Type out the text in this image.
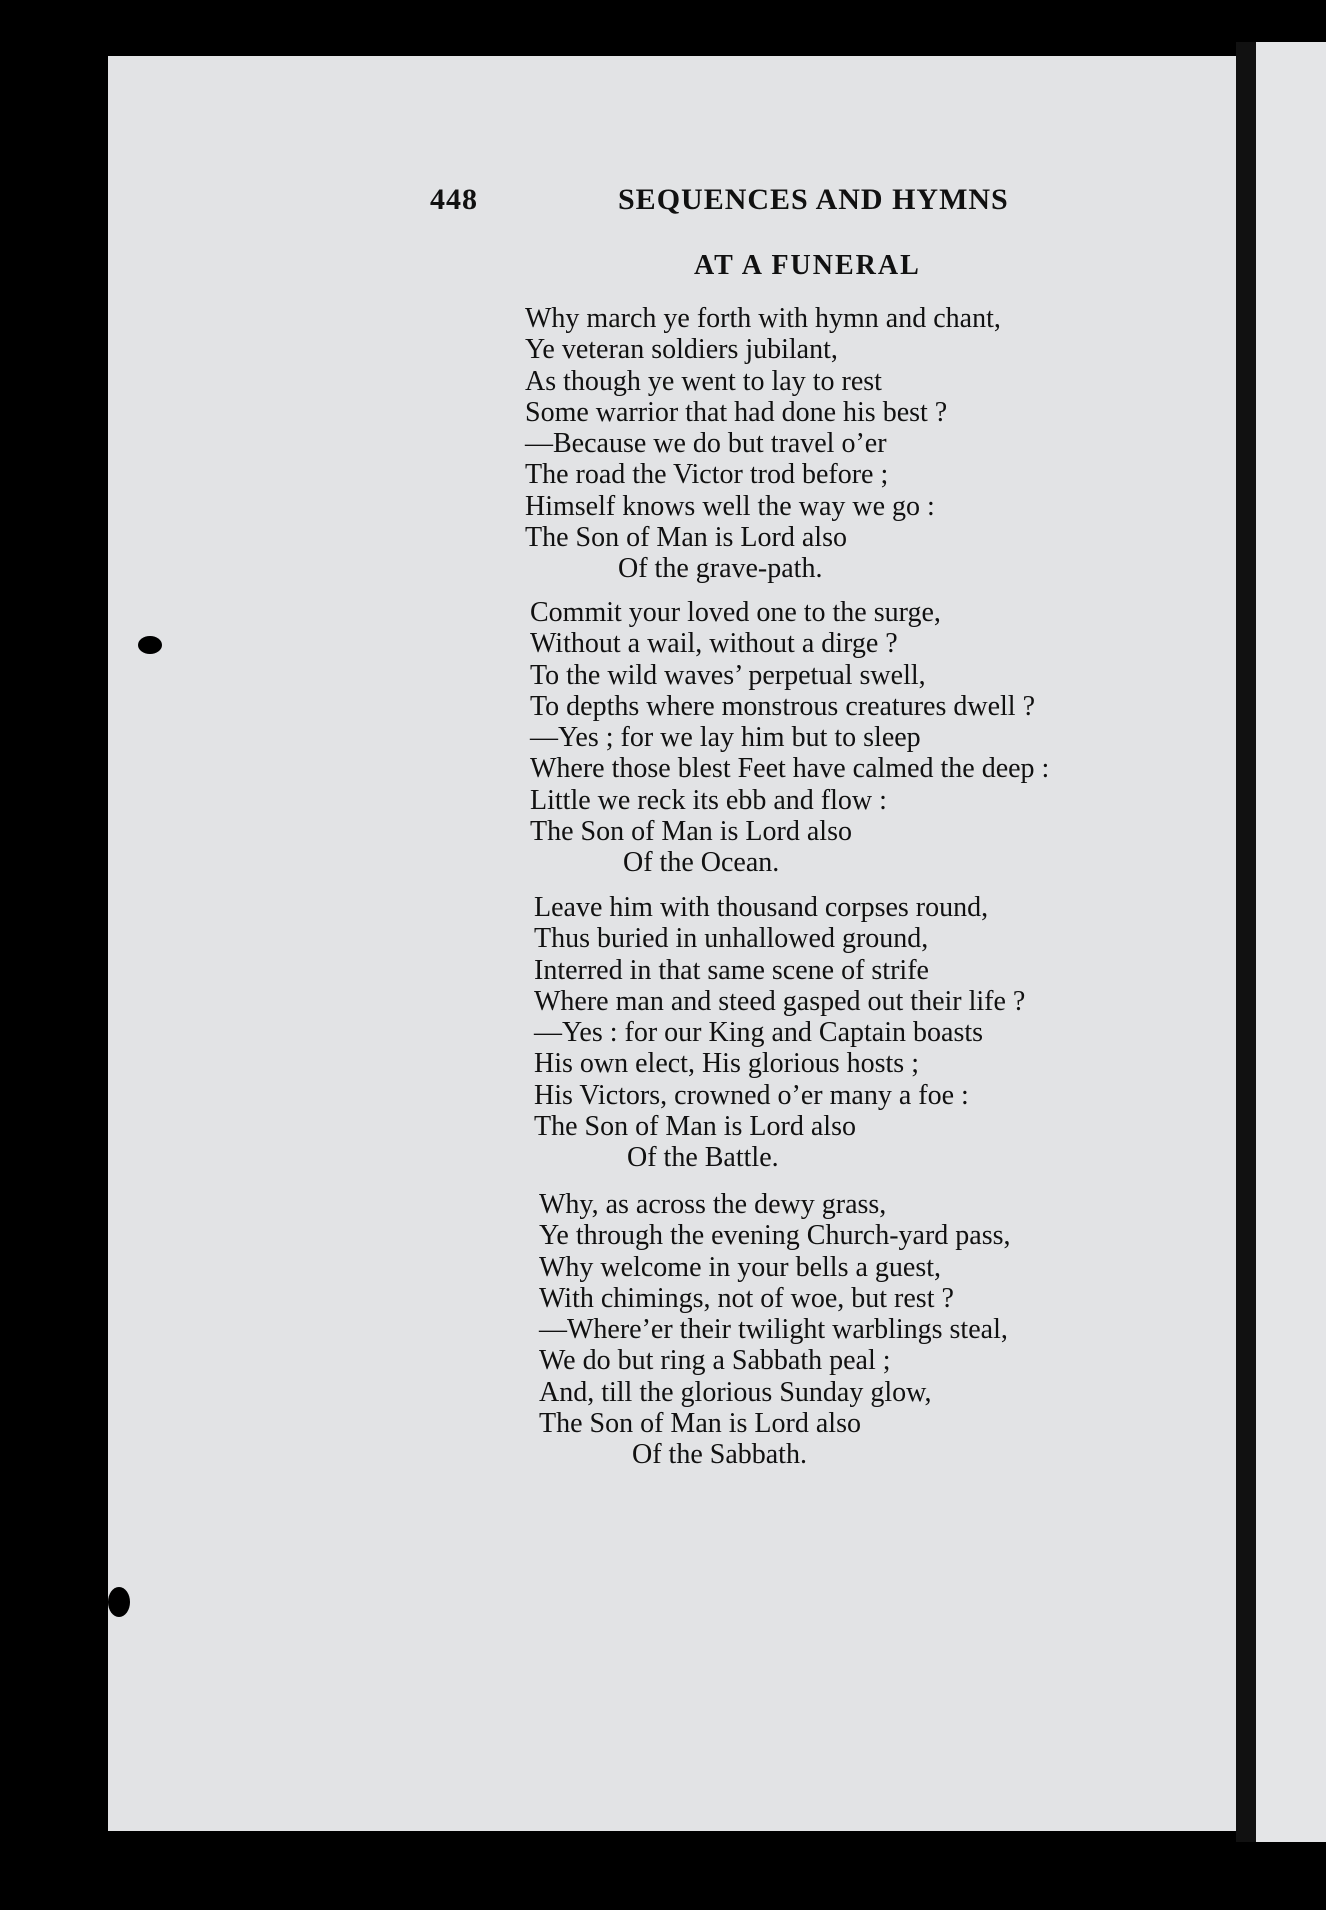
448	SEQUENCES AND HYMNS
AT A FUNERAL
Why march ye forth with hymn and chant,
Ye veteran soldiers jubilant,
As though ye went to lay to rest
Some warrior that had done his best ?
—Because we do but travel o’er
The road the Victor trod before ;
Himself knows well the way we go :
The Son of Man is Lord also
Of the grave-path.
Commit your loved one to the surge,
Without a wail, without a dirge ?
To the wild waves’ perpetual swell,
To depths where monstrous creatures dwell ?
—Yes ; for we lay him but to sleep
Where those blest Feet have calmed the deep :
Little we reck its ebb and flow :
The Son of Man is Lord also
Of the Ocean.
Leave him with thousand corpses round,
Thus buried in unhallowed ground,
Interred in that same scene of strife
Where man and steed gasped out their life ?
—Yes : for our King and Captain boasts
His own elect, His glorious hosts ;
His Victors, crowned o’er many a foe :
The Son of Man is Lord also
Of the Battle.
Why, as across the dewy grass,
Ye through the evening Church-yard pass,
Why welcome in your bells a guest,
With chimings, not of woe, but rest ?
—Where’er their twilight warblings steal,
We do but ring a Sabbath peal ;
And, till the glorious Sunday glow,
The Son of Man is Lord also
Of the Sabbath.
